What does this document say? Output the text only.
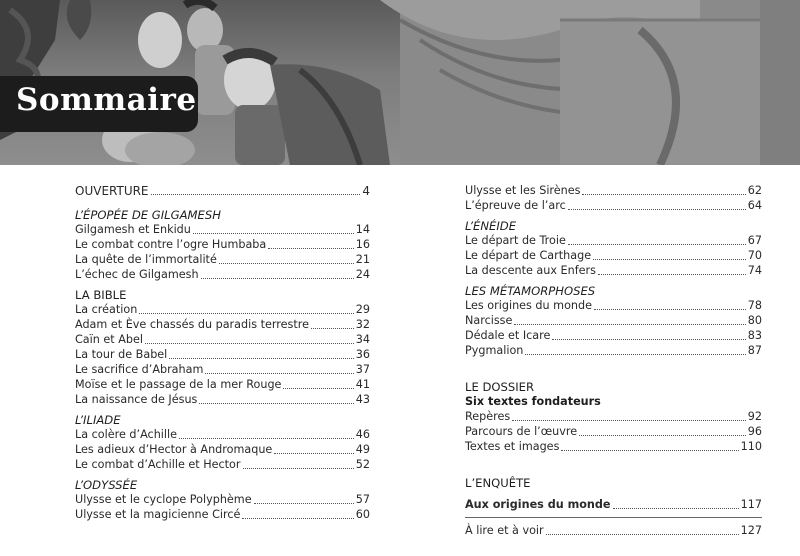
Sommaire
OUVERTURE	4
L’ÉPOPÉE DE GILGAMESH
Gilgamesh et Enkidu	14
Le combat contre l’ogre Humbaba	16
La quête de l’immortalité	21
L’échec de Gilgamesh	24
LA BIBLE
La création	29
Adam et Ève chassés du paradis terrestre	32
Caïn et Abel	34
La tour de Babel	36
Le sacrifice d’Abraham	37
Moïse et le passage de la mer Rouge	41
La naissance de Jésus	43
L’ILIADE
La colère d’Achille	46
Les adieux d’Hector à Andromaque	49
Le combat d’Achille et Hector	52
L’ODYSSÉE
Ulysse et le cyclope Polyphème	57
Ulysse et la magicienne Circé	60
Ulysse et les Sirènes	62
L’épreuve de l’arc	64
L’ÉNÉIDE
Le départ de Troie	67
Le départ de Carthage	70
La descente aux Enfers	74
LES MÉTAMORPHOSES
Les origines du monde	78
Narcisse	80
Dédale et Icare	83
Pygmalion	87
LE DOSSIER
Six textes fondateurs
Repères	92
Parcours de l’œuvre	96
Textes et images	110
L’ENQUÊTE
Aux origines du monde	117
À lire et à voir	127
